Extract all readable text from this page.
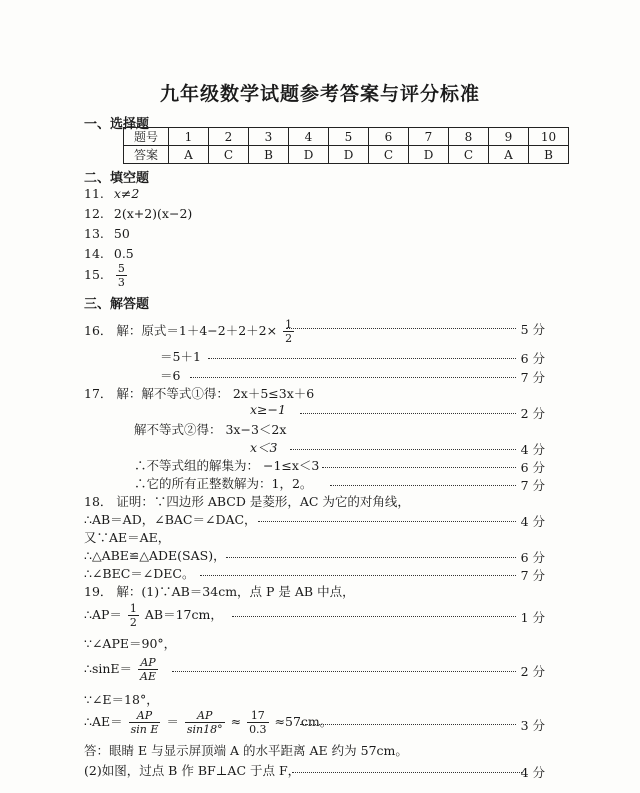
九年级数学试题参考答案与评分标准
一、选择题
题号	1	2	3	4	5	6	7	8	9	10
答案	A	C	B	D	D	C	D	C	A	B
二、填空题
11. x≠2
12. 2(x+2)(x−2)
13. 50
14. 0.5
15. $\frac{5}{3}$
三、解答题
16． 解：原式$=1+4-2+2+2\times \frac{1}{2}$	5 分
＝5＋1	6 分
＝6	7 分
17． 解：解不等式①得： 2x＋5≤3x＋6
x≥−1	2 分
解不等式②得： 3x−3＜2x
x＜3	4 分
∴不等式组的解集为： −1≤x＜3	6 分
∴它的所有正整数解为：1，2。	7 分
18． 证明：∵四边形 ABCD 是菱形，AC 为它的对角线，
∴AB＝AD，∠BAC＝∠DAC，	4 分
又∵AE＝AE，
∴△ABE≌△ADE(SAS)，	6 分
∴∠BEC＝∠DEC。	7 分
19． 解：(1)∵AB＝34cm，点 P 是 AB 中点，
∴AP＝ $\frac{1}{2} AB=17cm$，	1 分
∵∠APE＝90°，
∴sinE＝ $\frac{AP}{AE}$	2 分
∵∠E＝18°，
∴AE＝ $\frac{AP}{\text{sin E}} = \frac{AP}{\sin 18^\circ} \approx \frac{17}{0.3} \approx 57cm$。	3 分
答：眼睛 E 与显示屏顶端 A 的水平距离 AE 约为 57cm。
(2)如图，过点 B 作 BF⊥AC 于点 F，	4 分
